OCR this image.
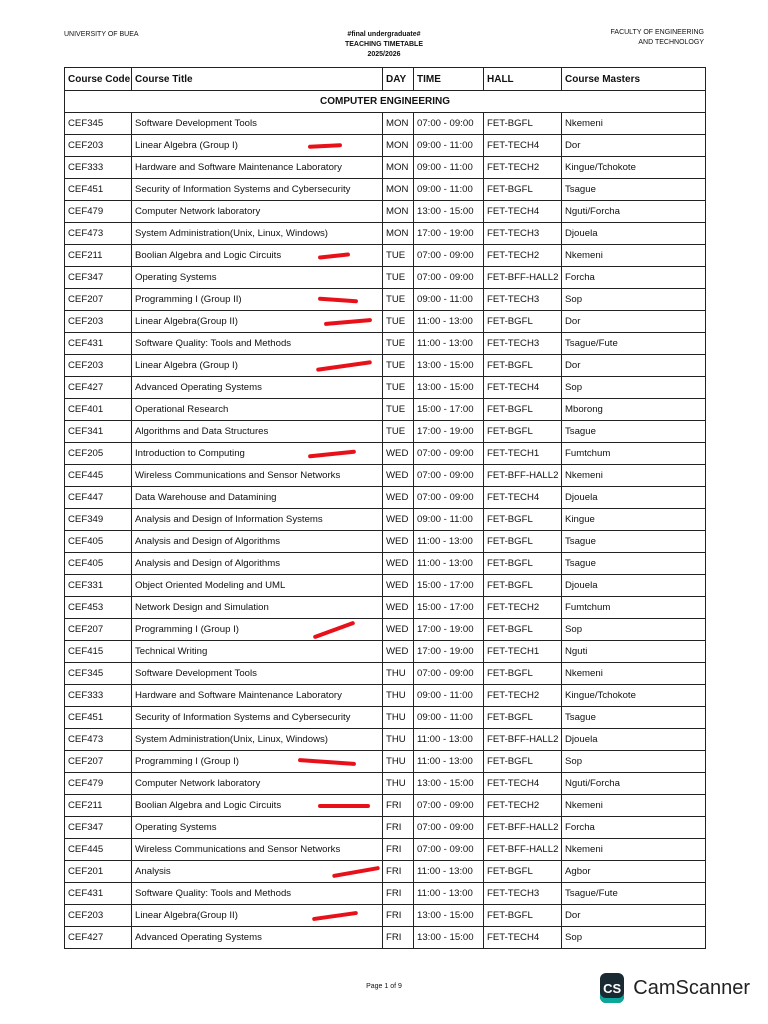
UNIVERSITY OF BUEA	#final undergraduate#
TEACHING TIMETABLE
2025/2026
FACULTY OF ENGINEERING
AND TECHNOLOGY
Course Code	Course Title	DAY	TIME	HALL	Course Masters
COMPUTER ENGINEERING					
CEF345	Software Development Tools	MON	07:00 - 09:00	FET-BGFL	Nkemeni
CEF203	Linear Algebra (Group I)	MON	09:00 - 11:00	FET-TECH4	Dor
CEF333	Hardware and Software Maintenance Laboratory	MON	09:00 - 11:00	FET-TECH2	Kingue/Tchokote
CEF451	Security of Information Systems and Cybersecurity	MON	09:00 - 11:00	FET-BGFL	Tsague
CEF479	Computer Network laboratory	MON	13:00 - 15:00	FET-TECH4	Nguti/Forcha
CEF473	System Administration(Unix, Linux, Windows)	MON	17:00 - 19:00	FET-TECH3	Djouela
CEF211	Boolian Algebra and Logic Circuits	TUE	07:00 - 09:00	FET-TECH2	Nkemeni
CEF347	Operating Systems	TUE	07:00 - 09:00	FET-BFF-HALL2	Forcha
CEF207	Programming I (Group II)	TUE	09:00 - 11:00	FET-TECH3	Sop
CEF203	Linear Algebra(Group II)	TUE	11:00 - 13:00	FET-BGFL	Dor
CEF431	Software Quality: Tools and Methods	TUE	11:00 - 13:00	FET-TECH3	Tsague/Fute
CEF203	Linear Algebra (Group I)	TUE	13:00 - 15:00	FET-BGFL	Dor
CEF427	Advanced Operating Systems	TUE	13:00 - 15:00	FET-TECH4	Sop
CEF401	Operational Research	TUE	15:00 - 17:00	FET-BGFL	Mborong
CEF341	Algorithms and Data Structures	TUE	17:00 - 19:00	FET-BGFL	Tsague
CEF205	Introduction to Computing	WED	07:00 - 09:00	FET-TECH1	Fumtchum
CEF445	Wireless Communications and Sensor Networks	WED	07:00 - 09:00	FET-BFF-HALL2	Nkemeni
CEF447	Data Warehouse and Datamining	WED	07:00 - 09:00	FET-TECH4	Djouela
CEF349	Analysis and Design of Information Systems	WED	09:00 - 11:00	FET-BGFL	Kingue
CEF405	Analysis and Design of Algorithms	WED	11:00 - 13:00	FET-BGFL	Tsague
CEF405	Analysis and Design of Algorithms	WED	11:00 - 13:00	FET-BGFL	Tsague
CEF331	Object Oriented Modeling and UML	WED	15:00 - 17:00	FET-BGFL	Djouela
CEF453	Network Design and Simulation	WED	15:00 - 17:00	FET-TECH2	Fumtchum
CEF207	Programming I (Group I)	WED	17:00 - 19:00	FET-BGFL	Sop
CEF415	Technical Writing	WED	17:00 - 19:00	FET-TECH1	Nguti
CEF345	Software Development Tools	THU	07:00 - 09:00	FET-BGFL	Nkemeni
CEF333	Hardware and Software Maintenance Laboratory	THU	09:00 - 11:00	FET-TECH2	Kingue/Tchokote
CEF451	Security of Information Systems and Cybersecurity	THU	09:00 - 11:00	FET-BGFL	Tsague
CEF473	System Administration(Unix, Linux, Windows)	THU	11:00 - 13:00	FET-BFF-HALL2	Djouela
CEF207	Programming I (Group I)	THU	11:00 - 13:00	FET-BGFL	Sop
CEF479	Computer Network laboratory	THU	13:00 - 15:00	FET-TECH4	Nguti/Forcha
CEF211	Boolian Algebra and Logic Circuits	FRI	07:00 - 09:00	FET-TECH2	Nkemeni
CEF347	Operating Systems	FRI	07:00 - 09:00	FET-BFF-HALL2	Forcha
CEF445	Wireless Communications and Sensor Networks	FRI	07:00 - 09:00	FET-BFF-HALL2	Nkemeni
CEF201	Analysis	FRI	11:00 - 13:00	FET-BGFL	Agbor
CEF431	Software Quality: Tools and Methods	FRI	11:00 - 13:00	FET-TECH3	Tsague/Fute
CEF203	Linear Algebra(Group II)	FRI	13:00 - 15:00	FET-BGFL	Dor
CEF427	Advanced Operating Systems	FRI	13:00 - 15:00	FET-TECH4	Sop
Page 1 of 9	CS CamScanner
